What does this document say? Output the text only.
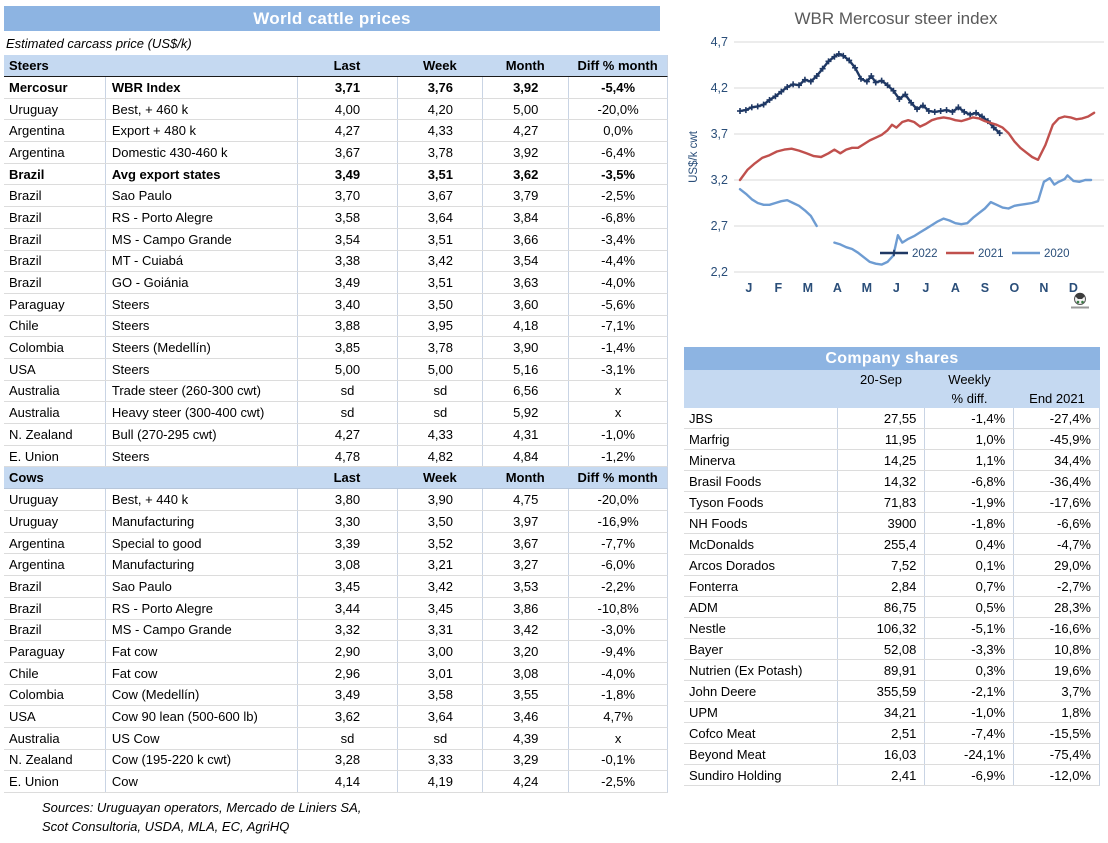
World cattle prices
Estimated carcass price (US$/k)
Steers	Last	Week	Month	Diff % month
Mercosur	WBR Index	3,71	3,76	3,92	-5,4%
Uruguay	Best, + 460 k	4,00	4,20	5,00	-20,0%
Argentina	Export + 480 k	4,27	4,33	4,27	0,0%
Argentina	Domestic 430-460 k	3,67	3,78	3,92	-6,4%
Brazil	Avg export states	3,49	3,51	3,62	-3,5%
Brazil	Sao Paulo	3,70	3,67	3,79	-2,5%
Brazil	RS - Porto Alegre	3,58	3,64	3,84	-6,8%
Brazil	MS - Campo Grande	3,54	3,51	3,66	-3,4%
Brazil	MT - Cuiabá	3,38	3,42	3,54	-4,4%
Brazil	GO - Goiánia	3,49	3,51	3,63	-4,0%
Paraguay	Steers	3,40	3,50	3,60	-5,6%
Chile	Steers	3,88	3,95	4,18	-7,1%
Colombia	Steers (Medellín)	3,85	3,78	3,90	-1,4%
USA	Steers	5,00	5,00	5,16	-3,1%
Australia	Trade steer (260-300 cwt)	sd	sd	6,56	x
Australia	Heavy steer (300-400 cwt)	sd	sd	5,92	x
N. Zealand	Bull (270-295 cwt)	4,27	4,33	4,31	-1,0%
E. Union	Steers	4,78	4,82	4,84	-1,2%
Cows	Last	Week	Month	Diff % month
Uruguay	Best, + 440 k	3,80	3,90	4,75	-20,0%
Uruguay	Manufacturing	3,30	3,50	3,97	-16,9%
Argentina	Special to good	3,39	3,52	3,67	-7,7%
Argentina	Manufacturing	3,08	3,21	3,27	-6,0%
Brazil	Sao Paulo	3,45	3,42	3,53	-2,2%
Brazil	RS - Porto Alegre	3,44	3,45	3,86	-10,8%
Brazil	MS - Campo Grande	3,32	3,31	3,42	-3,0%
Paraguay	Fat cow	2,90	3,00	3,20	-9,4%
Chile	Fat cow	2,96	3,01	3,08	-4,0%
Colombia	Cow (Medellín)	3,49	3,58	3,55	-1,8%
USA	Cow 90 lean (500-600 lb)	3,62	3,64	3,46	4,7%
Australia	US Cow	sd	sd	4,39	x
N. Zealand	Cow (195-220 k cwt)	3,28	3,33	3,29	-0,1%
E. Union	Cow	4,14	4,19	4,24	-2,5%
Sources: Uruguayan operators, Mercado de Liniers SA,
Scot Consultoria, USDA, MLA, EC, AgriHQ
WBR Mercosur steer index
2,2
2,7
3,2
3,7
4,2
4,7
J F M A M J J A S O N D
US$/k cwt
2022	2021	2020
Company shares
20-Sep	Weekly
% diff.	End 2021
JBS	27,55	-1,4%	-27,4%
Marfrig	11,95	1,0%	-45,9%
Minerva	14,25	1,1%	34,4%
Brasil Foods	14,32	-6,8%	-36,4%
Tyson Foods	71,83	-1,9%	-17,6%
NH Foods	3900	-1,8%	-6,6%
McDonalds	255,4	0,4%	-4,7%
Arcos Dorados	7,52	0,1%	29,0%
Fonterra	2,84	0,7%	-2,7%
ADM	86,75	0,5%	28,3%
Nestle	106,32	-5,1%	-16,6%
Bayer	52,08	-3,3%	10,8%
Nutrien (Ex Potash)	89,91	0,3%	19,6%
John Deere	355,59	-2,1%	3,7%
UPM	34,21	-1,0%	1,8%
Cofco Meat	2,51	-7,4%	-15,5%
Beyond Meat	16,03	-24,1%	-75,4%
Sundiro Holding	2,41	-6,9%	-12,0%
